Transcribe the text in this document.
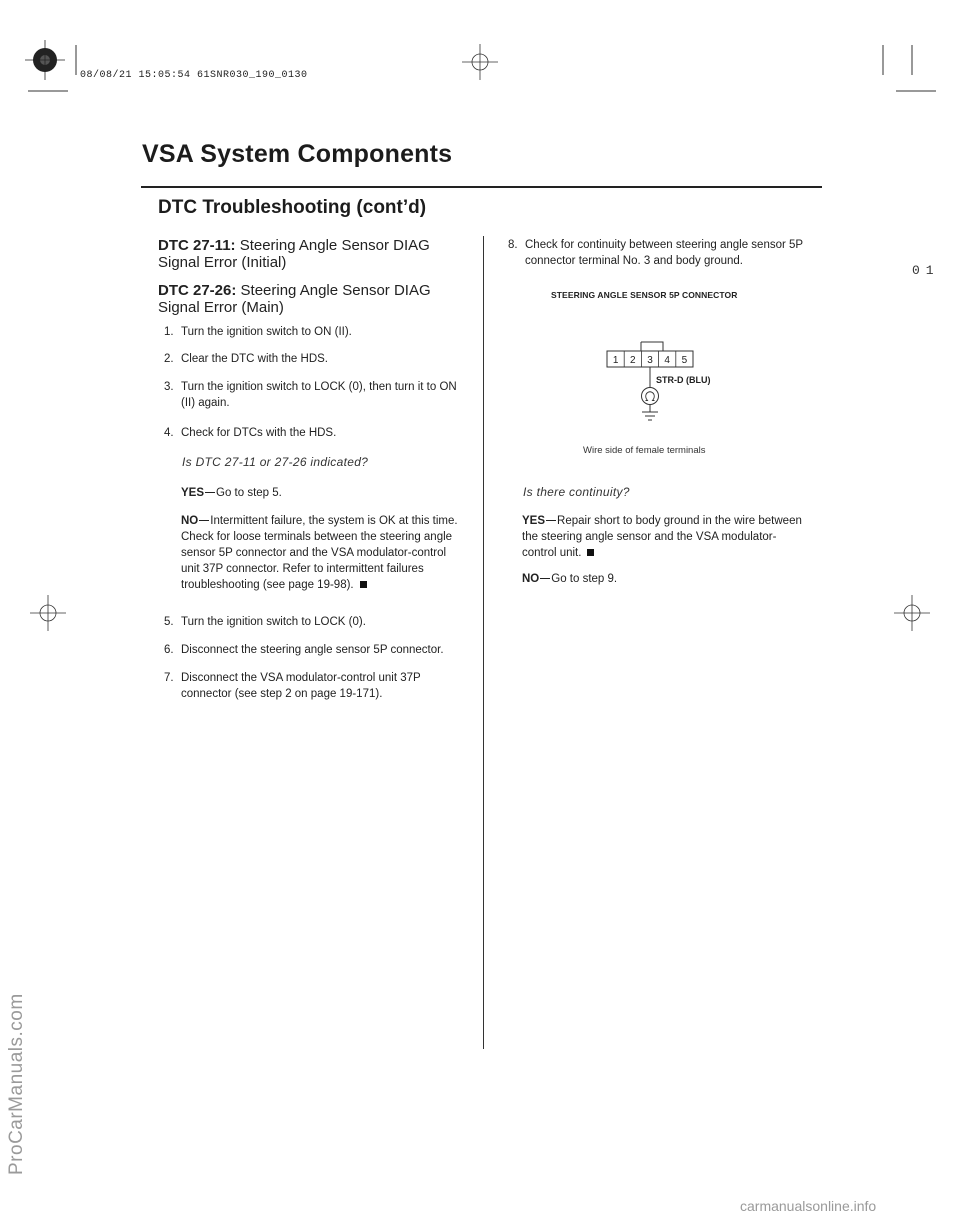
08/08/21 15:05:54 61SNR030_190_0130
VSA System Components
DTC Troubleshooting (cont’d)
01
DTC 27-11: Steering Angle Sensor DIAG Signal Error (Initial)
DTC 27-26: Steering Angle Sensor DIAG Signal Error (Main)
1. Turn the ignition switch to ON (II).
2. Clear the DTC with the HDS.
3. Turn the ignition switch to LOCK (0), then turn it to ON (II) again.
4. Check for DTCs with the HDS.
Is DTC 27-11 or 27-26 indicated?
YES Go to step 5.
NO Intermittent failure, the system is OK at this time. Check for loose terminals between the steering angle sensor 5P connector and the VSA modulator-control unit 37P connector. Refer to intermittent failures troubleshooting (see page 19-98).
5. Turn the ignition switch to LOCK (0).
6. Disconnect the steering angle sensor 5P connector.
7. Disconnect the VSA modulator-control unit 37P connector (see step 2 on page 19-171).
8. Check for continuity between steering angle sensor 5P connector terminal No. 3 and body ground.
STEERING ANGLE SENSOR 5P CONNECTOR
1 2 3 4 5
STR-D (BLU)
Wire side of female terminals
Is there continuity?
YES Repair short to body ground in the wire between the steering angle sensor and the VSA modulator-control unit.
NO Go to step 9.
ProCarManuals.com
carmanualsonline.info
